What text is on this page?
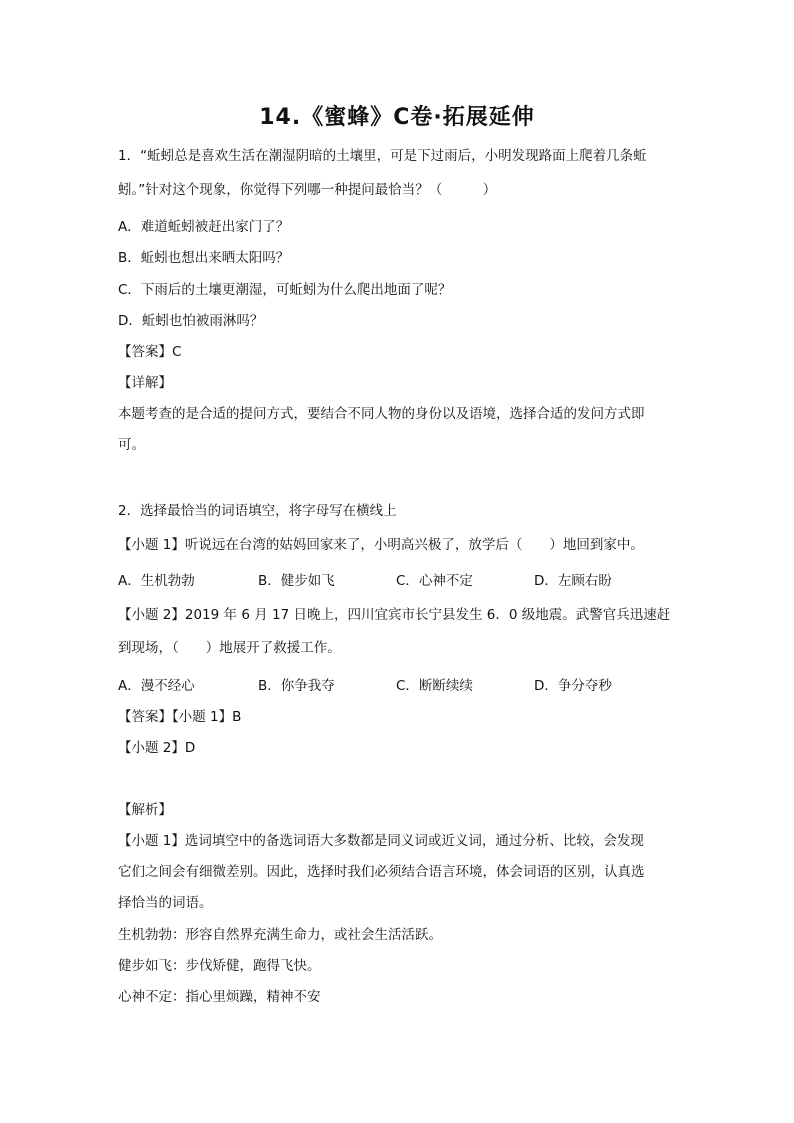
14.《蜜蜂》C卷·拓展延伸
1．“蚯蚓总是喜欢生活在潮湿阴暗的土壤里，可是下过雨后，小明发现路面上爬着几条蚯
蚓。”针对这个现象，你觉得下列哪一种提问最恰当？（　　　）
A．难道蚯蚓被赶出家门了？
B．蚯蚓也想出来晒太阳吗？
C．下雨后的土壤更潮湿，可蚯蚓为什么爬出地面了呢？
D．蚯蚓也怕被雨淋吗？
【答案】C
【详解】
本题考查的是合适的提问方式，要结合不同人物的身份以及语境，选择合适的发问方式即
可。
2．选择最恰当的词语填空，将字母写在横线上
【小题 1】听说远在台湾的姑妈回家来了，小明高兴极了，放学后（　　）地回到家中。
A．生机勃勃	B．健步如飞	C．心神不定	D．左顾右盼
【小题 2】2019 年 6 月 17 日晚上，四川宜宾市长宁县发生 6．0 级地震。武警官兵迅速赶
到现场，（　　）地展开了救援工作。
A．漫不经心	B．你争我夺	C．断断续续	D．争分夺秒
【答案】【小题 1】B
【小题 2】D
【解析】
【小题 1】选词填空中的备选词语大多数都是同义词或近义词，通过分析、比较，会发现
它们之间会有细微差别。因此，选择时我们必须结合语言环境，体会词语的区别，认真选
择恰当的词语。
生机勃勃：形容自然界充满生命力，或社会生活活跃。
健步如飞：步伐矫健，跑得飞快。
心神不定：指心里烦躁，精神不安
